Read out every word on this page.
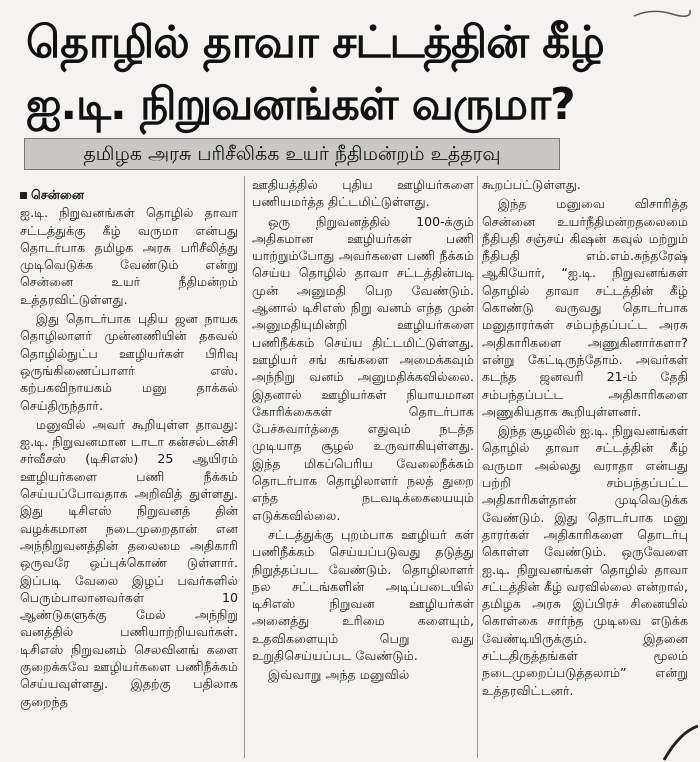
தொழில் தாவா சட்டத்தின் கீழ்
ஐ.டி. நிறுவனங்கள் வருமா?
தமிழக அரசு பரிசீலிக்க உயர் நீதிமன்றம் உத்தரவு
சென்னை

ஐ.டி. நிறுவனங்கள் தொழில் தாவா சட்டத்துக்கு கீழ் வருமா என்பது தொடர்பாக தமிழக அரசு பரிசீலித்து முடிவெடுக்க வேண்டும் என்று சென்னை உயர் நீதிமன்றம் உத்தரவிட்டுள்ளது.

இது தொடர்பாக புதிய ஜன நாயக தொழிலாளர் முன்னணியின் தகவல் தொழில்நுட்ப ஊழியர்கள் பிரிவு ஒருங்கிணைப்பாளர் எஸ். கற்பகவிநாயகம் மனு தாக்கல் செய்திருந்தார்.

மனுவில் அவர் கூறியுள்ள தாவது: ஐ.டி. நிறுவனமான டாடா கன்சல்டன்சி சர்வீசஸ் (டிசிஎஸ்) 25 ஆயிரம் ஊழியர்களை பணி நீக்கம் செய்யப்போவதாக அறிவித் துள்ளது. இது டிசிஎஸ் நிறுவனத் தின் வழக்கமான நடைமுறைதான் என அந்நிறுவனத்தின் தலைமை அதிகாரி ஒருவரே ஒப்புக்கொண் டுள்ளார். இப்படி வேலை இழப் பவர்களில் பெரும்பாலானவர்கள் 10 ஆண்டுகளுக்கு மேல் அந்நிறு வனத்தில் பணியாற்றியவர்கள். டிசிஎஸ் நிறுவனம் செலவினங் களை குறைக்கவே ஊழியர்களை பணிநீக்கம் செய்யவுள்ளது. இதற்கு பதிலாக குறைந்த

ஊதியத்தில் புதிய ஊழியர்களை பணியமர்த்த திட்டமிட்டுள்ளது.

ஒரு நிறுவனத்தில் 100-க்கும் அதிகமான ஊழியர்கள் பணி யாற்றும்போது அவர்களை பணி நீக்கம் செய்ய தொழில் தாவா சட்டத்தின்படி முன் அனுமதி பெற வேண்டும். ஆனால் டிசிஎஸ் நிறு வனம் எந்த முன் அனுமதியுமின்றி ஊழியர்களை பணிநீக்கம் செய்ய திட்டமிட்டுள்ளது. ஊழியர் சங் கங்களை அமைக்கவும் அந்நிறு வனம் அனுமதிக்கவில்லை. இதனால் ஊழியர்கள் நியாயமான கோரிக்கைகள் தொடர்பாக பேச்சுவார்த்தை எதுவும் நடத்த முடியாத சூழல் உருவாகியுள்ளது. இந்த மிகப்பெரிய வேலைநீக்கம் தொடர்பாக தொழிலாளர் நலத் துறை எந்த நடவடிக்கையையும் எடுக்கவில்லை.

சட்டத்துக்கு புறம்பாக ஊழியர் கள் பணிநீக்கம் செய்யப்படுவது தடுத்து நிறுத்தப்பட வேண்டும். தொழிலாளர் நல சட்டங்களின் அடிப்படையில் டிசிஎஸ் நிறுவன ஊழியர்கள் அனைத்து உரிமை களையும், உதவிகளையும் பெறு வது உறுதிசெய்யப்பட வேண்டும்.

இவ்வாறு அந்த மனுவில்

கூறப்பட்டுள்ளது.

இந்த மனுவை விசாரித்த சென்னை உயர்நீதிமன்றதலைமை நீதிபதி சஞ்சய் கிஷன் கவுல் மற்றும் நீதிபதி எம்.எம்.சுந்தரேஷ் ஆகியோர், “ஐ.டி. நிறுவனங்கள் தொழில் தாவா சட்டத்தின் கீழ் கொண்டு வருவது தொடர்பாக மனுதாரர்கள் சம்பந்தப்பட்ட அரசு அதிகாரிகளை அணுகினார்களா? என்று கேட்டிருந்தோம். அவர்கள் கடந்த ஜனவரி 21-ம் தேதி சம்பந்தப்பட்ட அதிகாரிகளை அணுகியதாக கூறியுள்ளனர்.

இந்த சூழலில் ஐ.டி. நிறுவனங்கள் தொழில் தாவா சட்டத்தின் கீழ் வருமா அல்லது வராதா என்பது பற்றி சம்பந்தப்பட்ட அதிகாரிகள்தான் முடிவெடுக்க வேண்டும். இது தொடர்பாக மனு தாரர்கள் அதிகாரிகளை தொடர்பு கொள்ள வேண்டும். ஒருவேளை ஐ.டி. நிறுவனங்கள் தொழில் தாவா சட்டத்தின் கீழ் வரவில்லை என்றால், தமிழக அரசு இப்பிரச் சினையில் கொள்கை சார்ந்த முடிவை எடுக்க வேண்டியிருக்கும். இதனை சட்டதிருத்தங்கள் மூலம் நடைமுறைப்படுத்தலாம்” என்று உத்தரவிட்டனர்.
